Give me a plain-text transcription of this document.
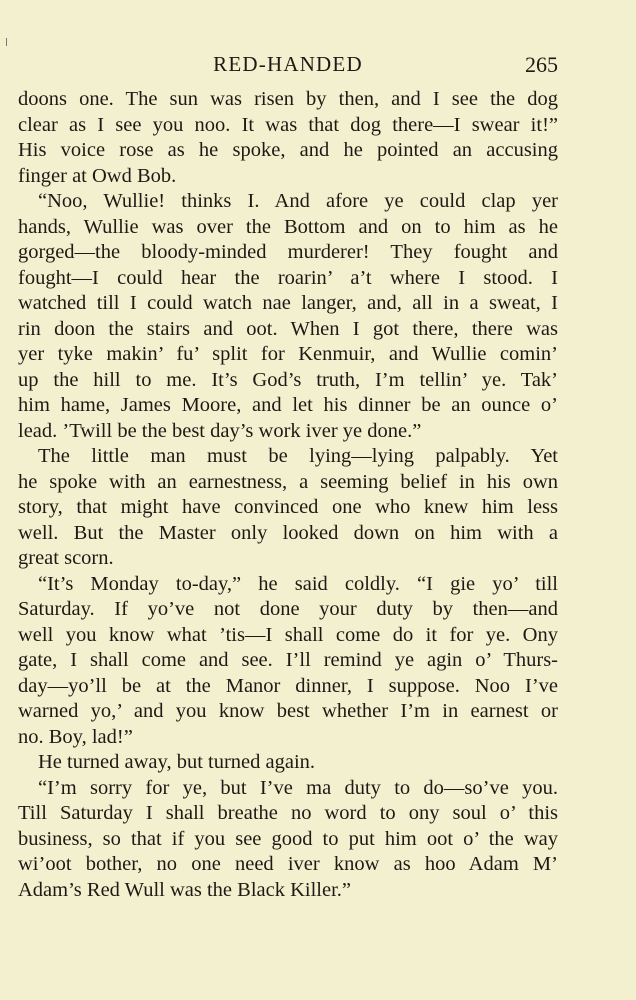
RED-HANDED	265
doons one. The sun was risen by then, and I see the dog
clear as I see you noo. It was that dog there—I swear it!”
His voice rose as he spoke, and he pointed an accusing
finger at Owd Bob.
“Noo, Wullie! thinks I. And afore ye could clap yer
hands, Wullie was over the Bottom and on to him as he
gorged—the bloody-minded murderer! They fought and
fought—I could hear the roarin’ a’t where I stood. I
watched till I could watch nae langer, and, all in a sweat, I
rin doon the stairs and oot. When I got there, there was
yer tyke makin’ fu’ split for Kenmuir, and Wullie comin’
up the hill to me. It’s God’s truth, I’m tellin’ ye. Tak’
him hame, James Moore, and let his dinner be an ounce o’
lead. ’Twill be the best day’s work iver ye done.”
The little man must be lying—lying palpably. Yet
he spoke with an earnestness, a seeming belief in his own
story, that might have convinced one who knew him less
well. But the Master only looked down on him with a
great scorn.
“It’s Monday to-day,” he said coldly. “I gie yo’ till
Saturday. If yo’ve not done your duty by then—and
well you know what ’tis—I shall come do it for ye. Ony
gate, I shall come and see. I’ll remind ye agin o’ Thurs-
day—yo’ll be at the Manor dinner, I suppose. Noo I’ve
warned yo,’ and you know best whether I’m in earnest or
no. Boy, lad!”
He turned away, but turned again.
“I’m sorry for ye, but I’ve ma duty to do—so’ve you.
Till Saturday I shall breathe no word to ony soul o’ this
business, so that if you see good to put him oot o’ the way
wi’oot bother, no one need iver know as hoo Adam M’
Adam’s Red Wull was the Black Killer.”
